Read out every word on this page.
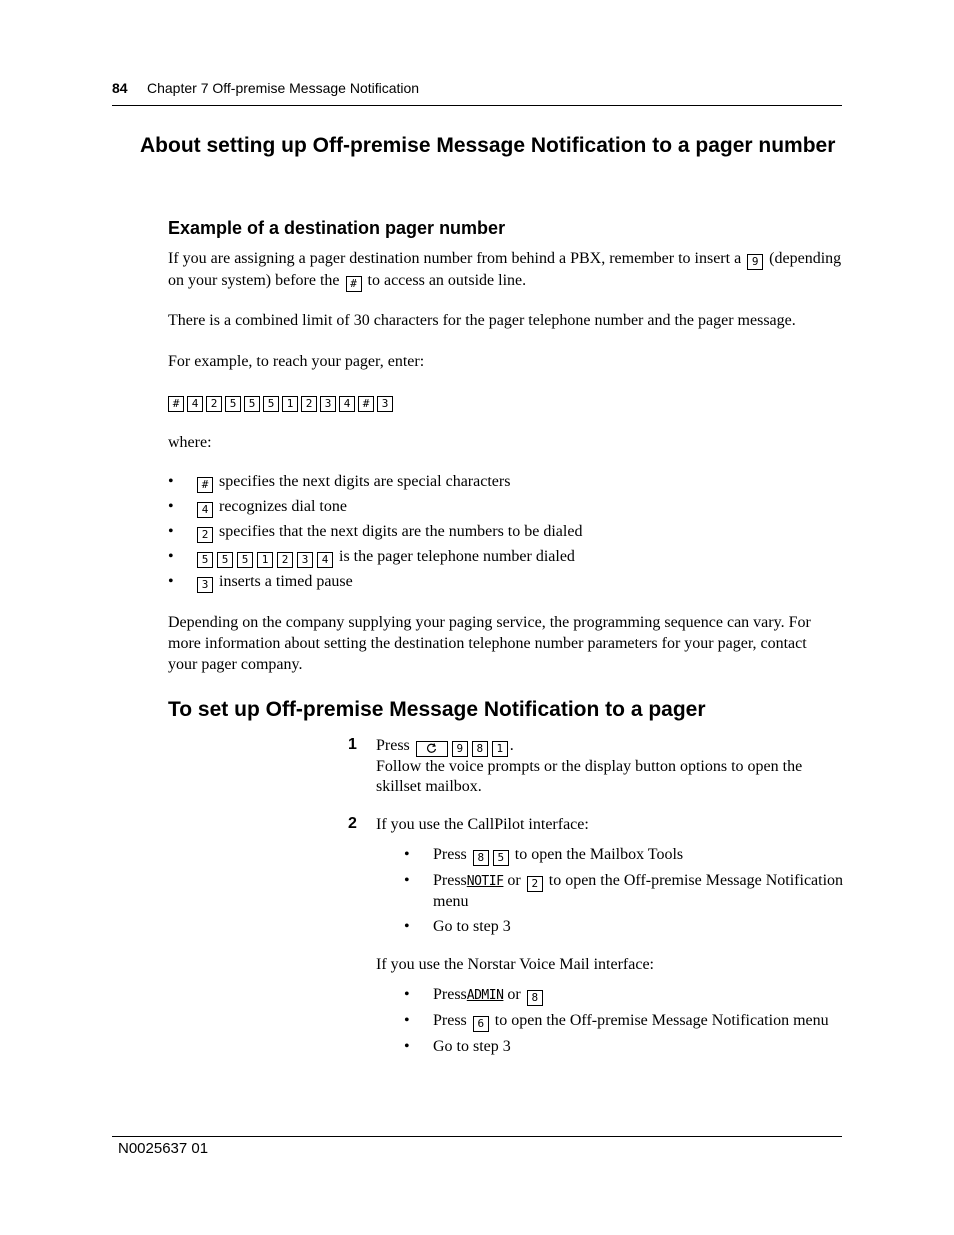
84 Chapter 7 Off-premise Message Notification
About setting up Off-premise Message Notification to a pager number
Example of a destination pager number

If you are assigning a pager destination number from behind a PBX, remember to insert a 9 (depending on your system) before the # to access an outside line.

There is a combined limit of 30 characters for the pager telephone number and the pager message.

For example, to reach your pager, enter:

# 4 2 5 5 5 1 2 3 4 # 3

where:

• # specifies the next digits are special characters
• 4 recognizes dial tone
• 2 specifies that the next digits are the numbers to be dialed
• 5 5 5 1 2 3 4 is the pager telephone number dialed
• 3 inserts a timed pause

Depending on the company supplying your paging service, the programming sequence can vary. For more information about setting the destination telephone number parameters for your pager, contact your pager company.

To set up Off-premise Message Notification to a pager
1 Press	9 8 1 .
Follow the voice prompts or the display button options to open the skillset mailbox.
2 If you use the CallPilot interface:
• Press 8 5 to open the Mailbox Tools
• PressNOTIF or 2 to open the Off-premise Message Notification menu
• Go to step 3
If you use the Norstar Voice Mail interface:
• PressADMIN or 8
• Press 6 to open the Off-premise Message Notification menu
• Go to step 3
N0025637 01
